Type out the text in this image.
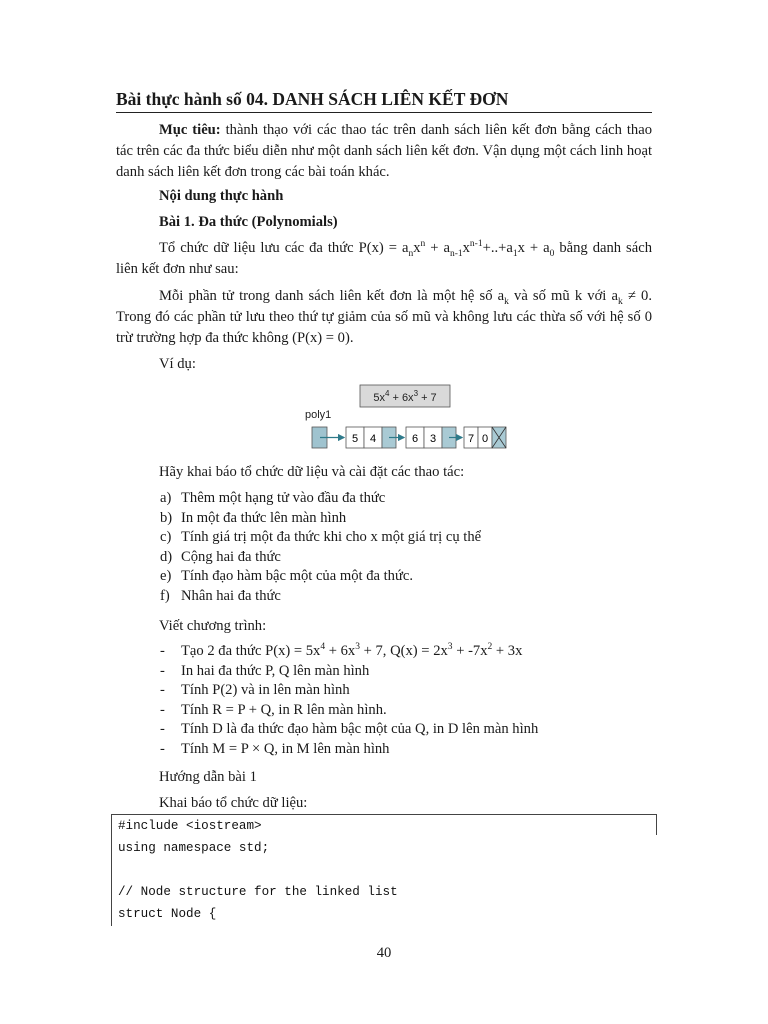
Bài thực hành số 04. DANH SÁCH LIÊN KẾT ĐƠN
Mục tiêu: thành thạo với các thao tác trên danh sách liên kết đơn bằng cách thao tác trên các đa thức biểu diễn như một danh sách liên kết đơn. Vận dụng một cách linh hoạt danh sách liên kết đơn trong các bài toán khác.
Nội dung thực hành
Bài 1. Đa thức (Polynomials)
Tổ chức dữ liệu lưu các đa thức $P(x) = a_nx^n + a_{n-1}x^{n-1}+..+a_1x + a_0$ bằng danh sách liên kết đơn như sau:
Mỗi phần tử trong danh sách liên kết đơn là một hệ số $a_k$ và số mũ k với $a_k \ne 0$. Trong đó các phần tử lưu theo thứ tự giảm của số mũ và không lưu các thừa số với hệ số 0 trừ trường hợp đa thức không (P(x) = 0).
Ví dụ:
$5x^4 + 6x^3 + 7$
poly1
5 4	6 3	7 0
Hãy khai báo tổ chức dữ liệu và cài đặt các thao tác:
a) Thêm một hạng tử vào đầu đa thức
b) In một đa thức lên màn hình
c) Tính giá trị một đa thức khi cho x một giá trị cụ thể
d) Cộng hai đa thức
e) Tính đạo hàm bậc một của một đa thức.
f) Nhân hai đa thức
Viết chương trình:
-	Tạo 2 đa thức $P(x) = 5x^4 + 6x^3 + 7$, $Q(x) = 2x^3 + -7x^2 + 3x$
-	In hai đa thức P, Q lên màn hình
-	Tính P(2) và in lên màn hình
-	Tính R = P + Q, in R lên màn hình.
-	Tính D là đa thức đạo hàm bậc một của Q, in D lên màn hình
-	Tính M = P × Q, in M lên màn hình
Hướng dẫn bài 1
Khai báo tổ chức dữ liệu:
#include <iostream>
using namespace std;
// Node structure for the linked list
struct Node {
40
